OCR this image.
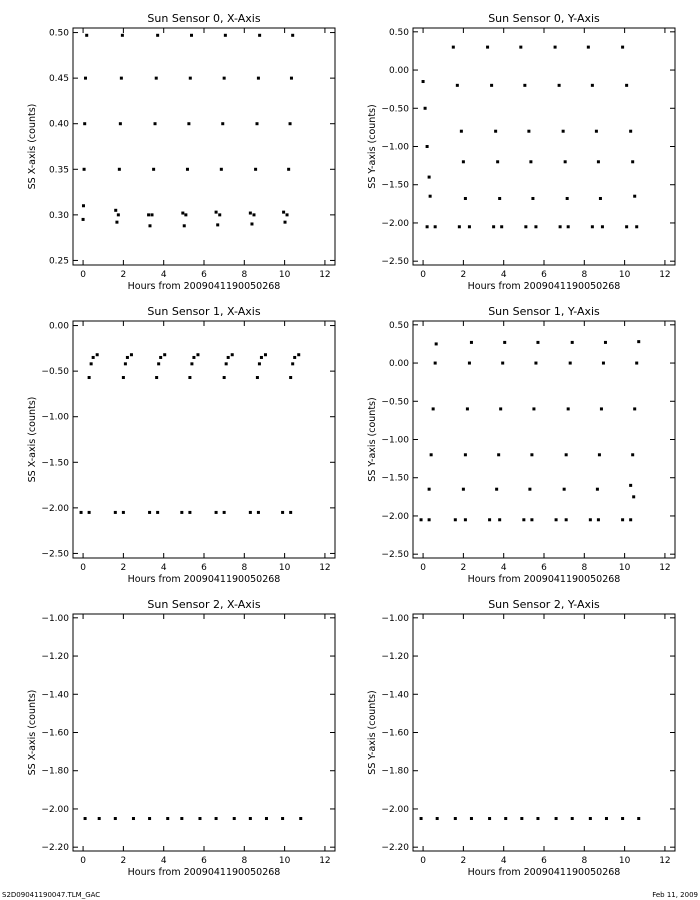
Sun Sensor 0, X-Axis
0	2	4	6	8	10	12
0.25
0.30
0.35
0.40
0.45
0.50
Hours from 2009041190050268
SS X-axis (counts)
Sun Sensor 0, Y-Axis
0	2	4	6	8	10	12
0.50
0.00
−0.50
−1.00
−1.50
−2.00
−2.50
Hours from 2009041190050268
SS Y-axis (counts)
Sun Sensor 1, X-Axis
0	2	4	6	8	10	12
0.00
−0.50
−1.00
−1.50
−2.00
−2.50
Hours from 2009041190050268
SS X-axis (counts)
Sun Sensor 1, Y-Axis
0	2	4	6	8	10	12
0.50
0.00
−0.50
−1.00
−1.50
−2.00
−2.50
Hours from 2009041190050268
SS Y-axis (counts)
Sun Sensor 2, X-Axis
0	2	4	6	8	10	12
−1.00
−1.20
−1.40
−1.60
−1.80
−2.00
−2.20
Hours from 2009041190050268
SS X-axis (counts)
Sun Sensor 2, Y-Axis
0	2	4	6	8	10	12
−1.00
−1.20
−1.40
−1.60
−1.80
−2.00
−2.20
Hours from 2009041190050268
SS Y-axis (counts)
S2D09041190047.TLM_GAC	Feb 11, 2009
